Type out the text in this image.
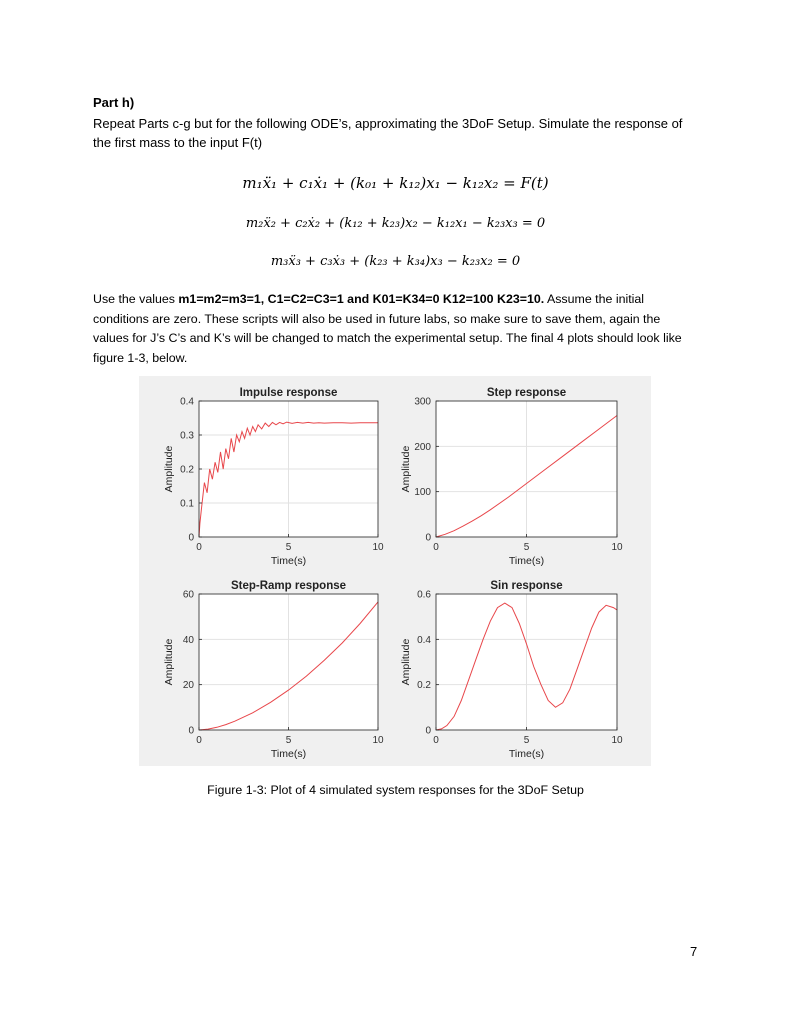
Part h)
Repeat Parts c-g but for the following ODE’s, approximating the 3DoF Setup. Simulate the response of the first mass to the input F(t)
m₁ẍ₁ + c₁ẋ₁ + (k₀₁ + k₁₂)x₁ − k₁₂x₂ = F(t)
m₂ẍ₂ + c₂ẋ₂ + (k₁₂ + k₂₃)x₂ − k₁₂x₁ − k₂₃x₃ = 0
m₃ẍ₃ + c₃ẋ₃ + (k₂₃ + k₃₄)x₃ − k₂₃x₂ = 0
Use the values m1=m2=m3=1, C1=C2=C3=1 and K01=K34=0 K12=100 K23=10. Assume the initial conditions are zero. These scripts will also be used in future labs, so make sure to save them, again the values for J’s C’s and K’s will be changed to match the experimental setup. The final 4 plots should look like figure 1-3, below.
0	5	10
0
0.1
0.2
0.3
0.4
Impulse response
Time(s)
Amplitude
0	5	10
0
100
200
300
Step response
Time(s)
Amplitude
0	5	10
0
20
40
60
Step-Ramp response
Time(s)
Amplitude
0	5	10
0
0.2
0.4
0.6
Sin response
Time(s)
Amplitude
Figure 1-3: Plot of 4 simulated system responses for the 3DoF Setup
7
